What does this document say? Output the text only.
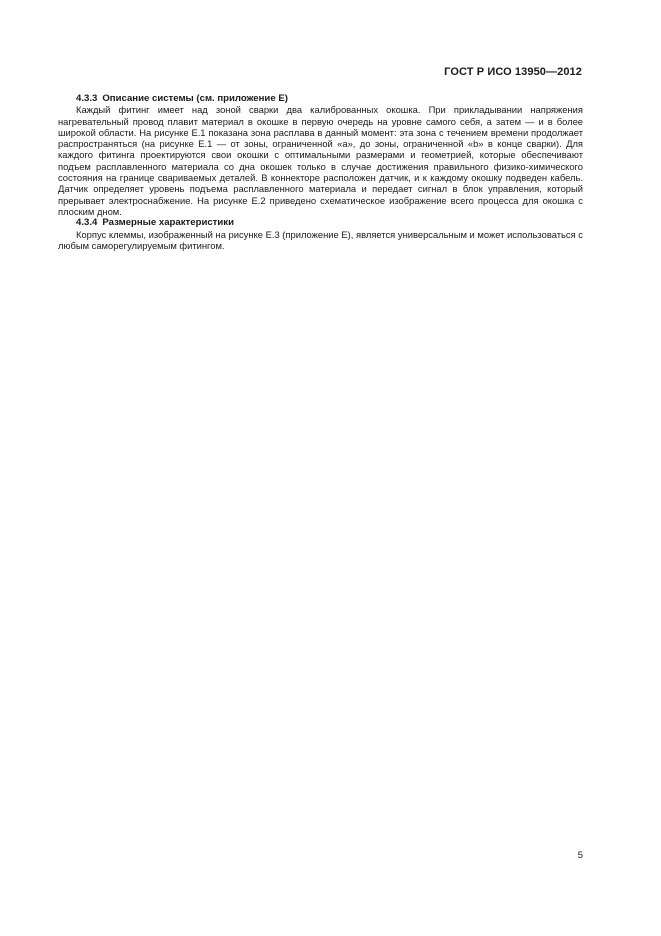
ГОСТ Р ИСО 13950—2012

4.3.3 Описание системы (см. приложение Е)

Каждый фитинг имеет над зоной сварки два калиброванных окошка. При прикладывании напряжения нагревательный провод плавит материал в окошке в первую очередь на уровне самого себя, а затем — и в более широкой области. На рисунке Е.1 показана зона расплава в данный момент: эта зона с течением времени продолжает распространяться (на рисунке Е.1 — от зоны, ограниченной «а», до зоны, ограниченной «b» в конце сварки). Для каждого фитинга проектируются свои окошки с оптимальными размерами и геометрией, которые обеспечивают подъем расплавленного материала со дна окошек только в случае достижения правильного физико-химического состояния на границе свариваемых деталей. В коннекторе расположен датчик, и к каждому окошку подведен кабель. Датчик определяет уровень подъема расплавленного материала и передает сигнал в блок управления, который прерывает электроснабжение. На рисунке Е.2 приведено схематическое изображение всего процесса для окошка с плоским дном.

4.3.4 Размерные характеристики

Корпус клеммы, изображенный на рисунке Е.3 (приложение Е), является универсальным и может использоваться с любым саморегулируемым фитингом.

5
